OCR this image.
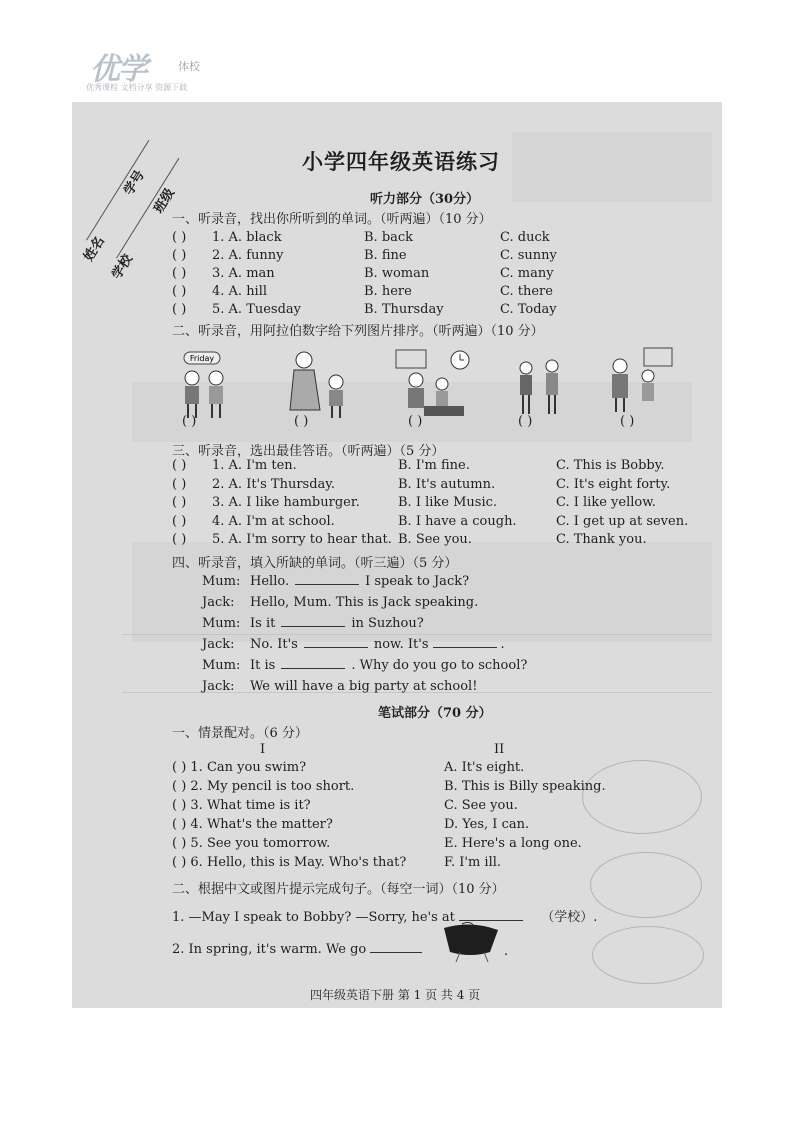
优学	体校
优秀课程 文档分享 资源下载
姓名
学号
学校
班级
小学四年级英语练习
听力部分（30分）
一、听录音，找出你所听到的单词。（听两遍）（10 分）
( ) 1. A. black	B. back	C. duck
( ) 2. A. funny	B. fine	C. sunny
( ) 3. A. man	B. woman	C. many
( ) 4. A. hill	B. here	C. there
( ) 5. A. Tuesday	B. Thursday	C. Today
二、听录音，用阿拉伯数字给下列图片排序。（听两遍）（10 分）
Friday
( )	( )	( )	( )	( )
三、听录音，选出最佳答语。（听两遍）（5 分）
( ) 1. A. I'm ten.	B. I'm fine.	C. This is Bobby.
( ) 2. A. It's Thursday.	B. It's autumn.	C. It's eight forty.
( ) 3. A. I like hamburger.	B. I like Music.	C. I like yellow.
( ) 4. A. I'm at school.	B. I have a cough.	C. I get up at seven.
( ) 5. A. I'm sorry to hear that. B. See you.	C. Thank you.
四、听录音，填入所缺的单词。（听三遍）（5 分）
Mum: Hello.	I speak to Jack?
Jack: Hello, Mum. This is Jack speaking.
Mum: Is it	in Suzhou?
Jack: No. It's	now. It's	.
Mum: It is	. Why do you go to school?
Jack: We will have a big party at school!
笔试部分（70 分）
一、情景配对。（6 分）
I	II
( ) 1. Can you swim?	A. It's eight.
( ) 2. My pencil is too short.	B. This is Billy speaking.
( ) 3. What time is it?	C. See you.
( ) 4. What's the matter?	D. Yes, I can.
( ) 5. See you tomorrow.	E. Here's a long one.
( ) 6. Hello, this is May. Who's that?	F. I'm ill.
二、根据中文或图片提示完成句子。（每空一词）（10 分）
1. —May I speak to Bobby? —Sorry, he's at	（学校）.
2. In spring, it's warm. We go	.
四年级英语下册 第 1 页 共 4 页
